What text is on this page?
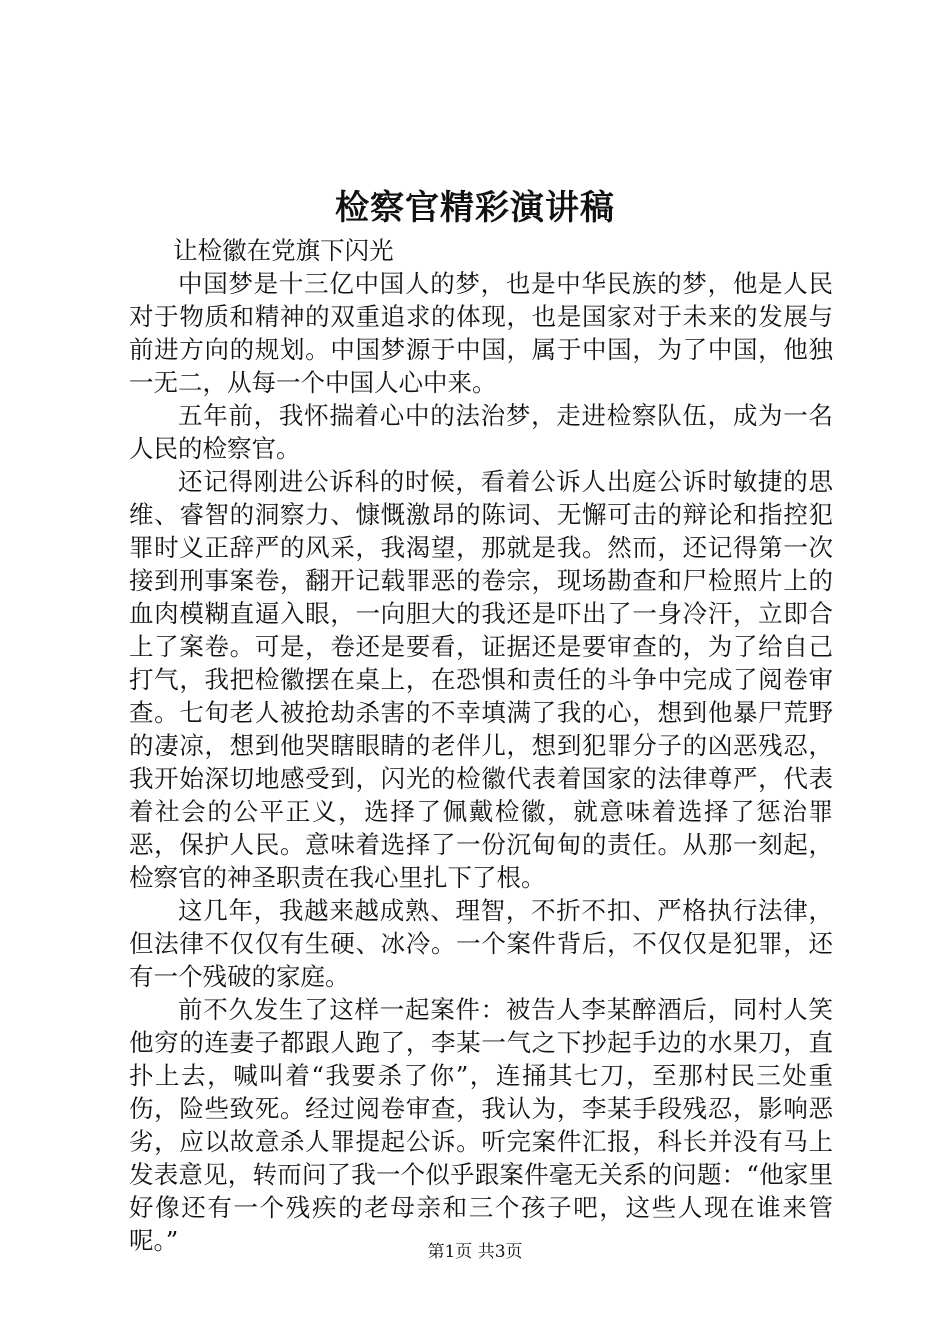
检察官精彩演讲稿

让检徽在党旗下闪光

中国梦是十三亿中国人的梦，也是中华民族的梦，他是人民对于物质和精神的双重追求的体现，也是国家对于未来的发展与前进方向的规划。中国梦源于中国，属于中国，为了中国，他独一无二，从每一个中国人心中来。

五年前，我怀揣着心中的法治梦，走进检察队伍，成为一名人民的检察官。

还记得刚进公诉科的时候，看着公诉人出庭公诉时敏捷的思维、睿智的洞察力、慷慨激昂的陈词、无懈可击的辩论和指控犯罪时义正辞严的风采，我渴望，那就是我。然而，还记得第一次接到刑事案卷，翻开记载罪恶的卷宗，现场勘查和尸检照片上的血肉模糊直逼入眼，一向胆大的我还是吓出了一身冷汗，立即合上了案卷。可是，卷还是要看，证据还是要审查的，为了给自己打气，我把检徽摆在桌上，在恐惧和责任的斗争中完成了阅卷审查。七旬老人被抢劫杀害的不幸填满了我的心，想到他暴尸荒野的凄凉，想到他哭瞎眼睛的老伴儿，想到犯罪分子的凶恶残忍，我开始深切地感受到，闪光的检徽代表着国家的法律尊严，代表着社会的公平正义，选择了佩戴检徽，就意味着选择了惩治罪恶，保护人民。意味着选择了一份沉甸甸的责任。从那一刻起，检察官的神圣职责在我心里扎下了根。

这几年，我越来越成熟、理智，不折不扣、严格执行法律，但法律不仅仅有生硬、冰冷。一个案件背后，不仅仅是犯罪，还有一个残破的家庭。

前不久发生了这样一起案件：被告人李某醉酒后，同村人笑他穷的连妻子都跟人跑了，李某一气之下抄起手边的水果刀，直扑上去，喊叫着“我要杀了你”，连捅其七刀，至那村民三处重伤，险些致死。经过阅卷审查，我认为，李某手段残忍，影响恶劣，应以故意杀人罪提起公诉。听完案件汇报，科长并没有马上发表意见，转而问了我一个似乎跟案件毫无关系的问题：“他家里好像还有一个残疾的老母亲和三个孩子吧，这些人现在谁来管呢。”	第1页 共3页
